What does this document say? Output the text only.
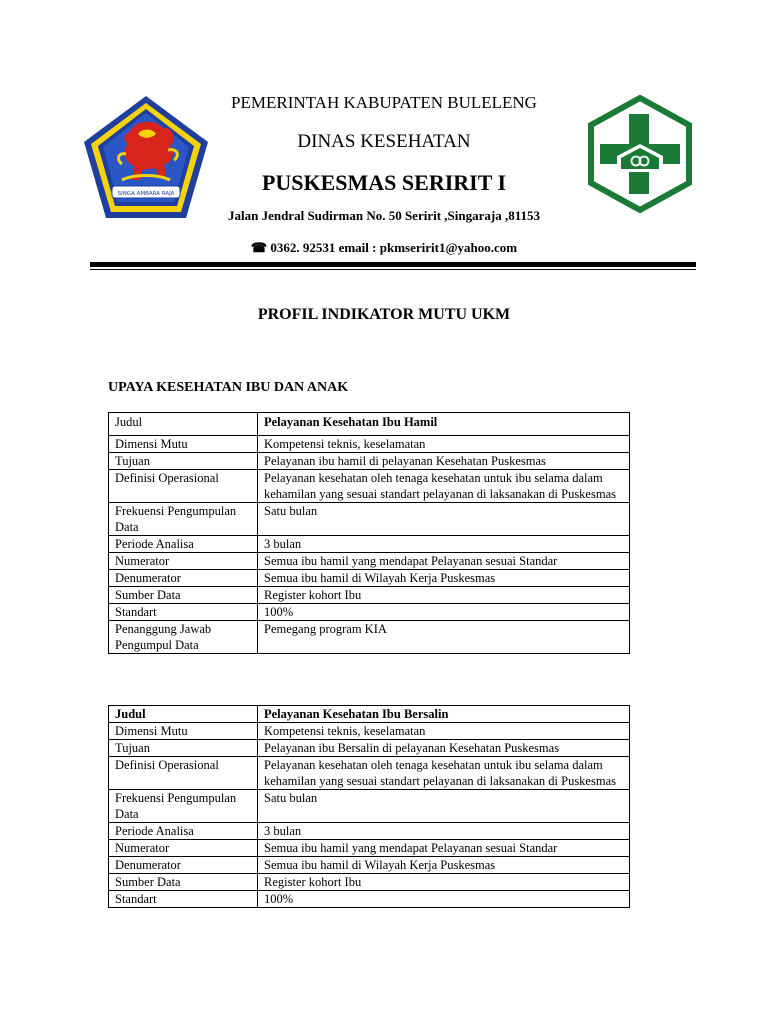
SINGA AMBARA RAJA
PEMERINTAH KABUPATEN BULELENG
DINAS KESEHATAN
PUSKESMAS SERIRIT I
Jalan Jendral Sudirman No. 50 Seririt ,Singaraja ,81153
☎ 0362. 92531 email : pkmseririt1@yahoo.com
PROFIL INDIKATOR MUTU UKM
UPAYA KESEHATAN IBU DAN ANAK
Judul	Pelayanan Kesehatan Ibu Hamil
Dimensi Mutu	Kompetensi teknis, keselamatan
Tujuan	Pelayanan ibu hamil di pelayanan Kesehatan Puskesmas
Definisi Operasional	Pelayanan kesehatan oleh tenaga kesehatan untuk ibu selama dalam kehamilan yang sesuai standart pelayanan di laksanakan di Puskesmas
Frekuensi Pengumpulan Data	Satu bulan
Periode Analisa	3 bulan
Numerator	Semua ibu hamil yang mendapat Pelayanan sesuai Standar
Denumerator	Semua ibu hamil di Wilayah Kerja Puskesmas
Sumber Data	Register kohort Ibu
Standart	100%
Penanggung Jawab Pengumpul Data	Pemegang program KIA
Judul	Pelayanan Kesehatan Ibu Bersalin
Dimensi Mutu	Kompetensi teknis, keselamatan
Tujuan	Pelayanan ibu Bersalin di pelayanan Kesehatan Puskesmas
Definisi Operasional	Pelayanan kesehatan oleh tenaga kesehatan untuk ibu selama dalam kehamilan yang sesuai standart pelayanan di laksanakan di Puskesmas
Frekuensi Pengumpulan Data	Satu bulan
Periode Analisa	3 bulan
Numerator	Semua ibu hamil yang mendapat Pelayanan sesuai Standar
Denumerator	Semua ibu hamil di Wilayah Kerja Puskesmas
Sumber Data	Register kohort Ibu
Standart	100%
